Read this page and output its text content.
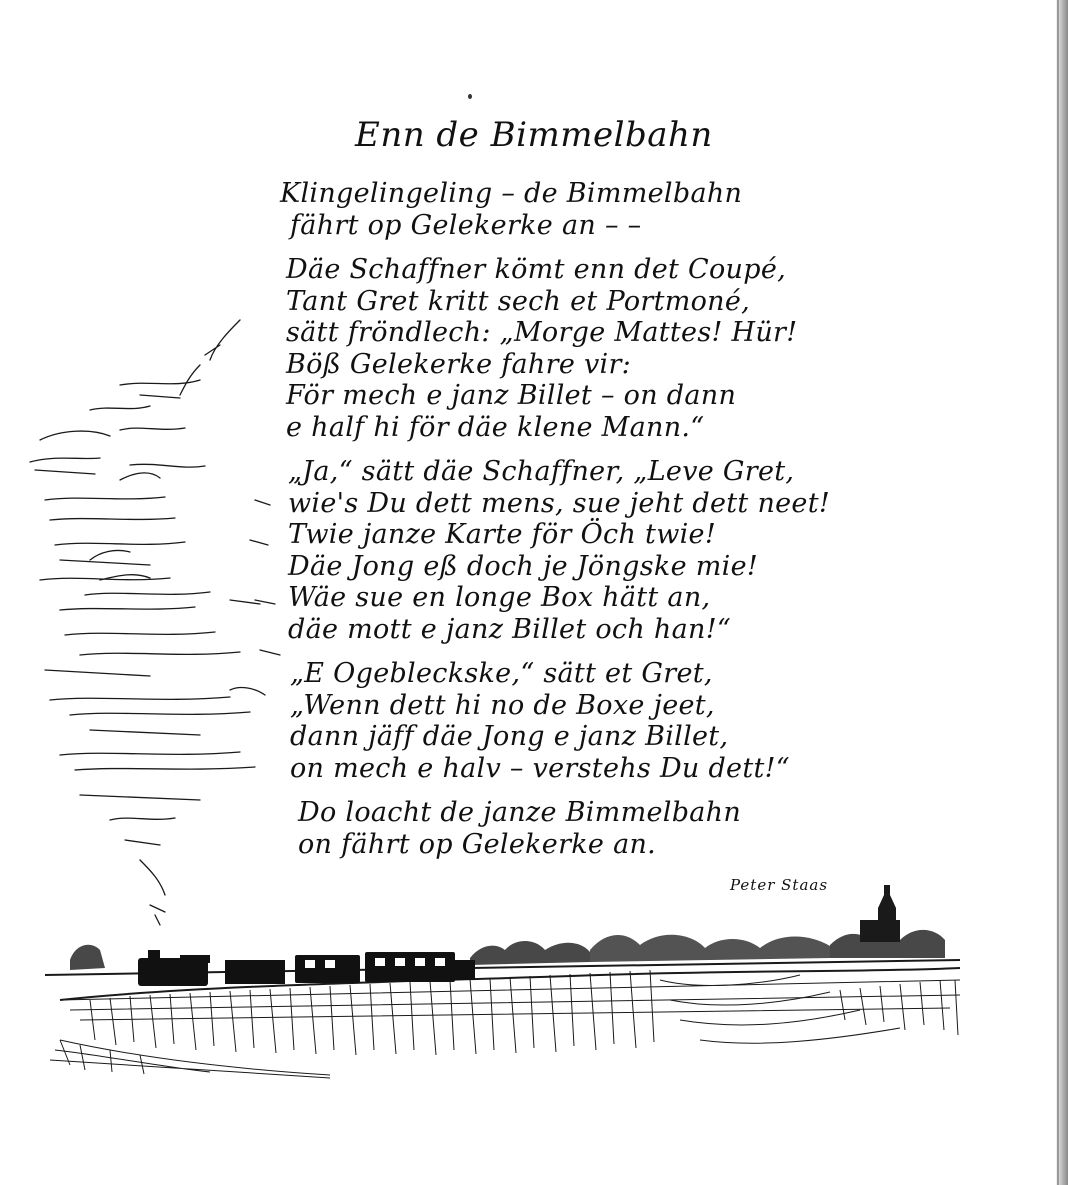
Enn de Bimmelbahn
Klingelingeling – de Bimmelbahn
fährt op Gelekerke an – –
Däe Schaffner kömt enn det Coupé,
Tant Gret kritt sech et Portmoné,
sätt fröndlech: „Morge Mattes! Hür!
Böß Gelekerke fahre vir:
För mech e janz Billet – on dann
e half hi för däe klene Mann.“
„Ja,“ sätt däe Schaffner, „Leve Gret,
wie's Du dett mens, sue jeht dett neet!
Twie janze Karte för Öch twie!
Däe Jong eß doch je Jöngske mie!
Wäe sue en longe Box hätt an,
däe mott e janz Billet och han!“
„E Ogebleckske,“ sätt et Gret,
„Wenn dett hi no de Boxe jeet,
dann jäff däe Jong e janz Billet,
on mech e halv – verstehs Du dett!“
Do loacht de janze Bimmelbahn
on fährt op Gelekerke an.
Peter Staas
